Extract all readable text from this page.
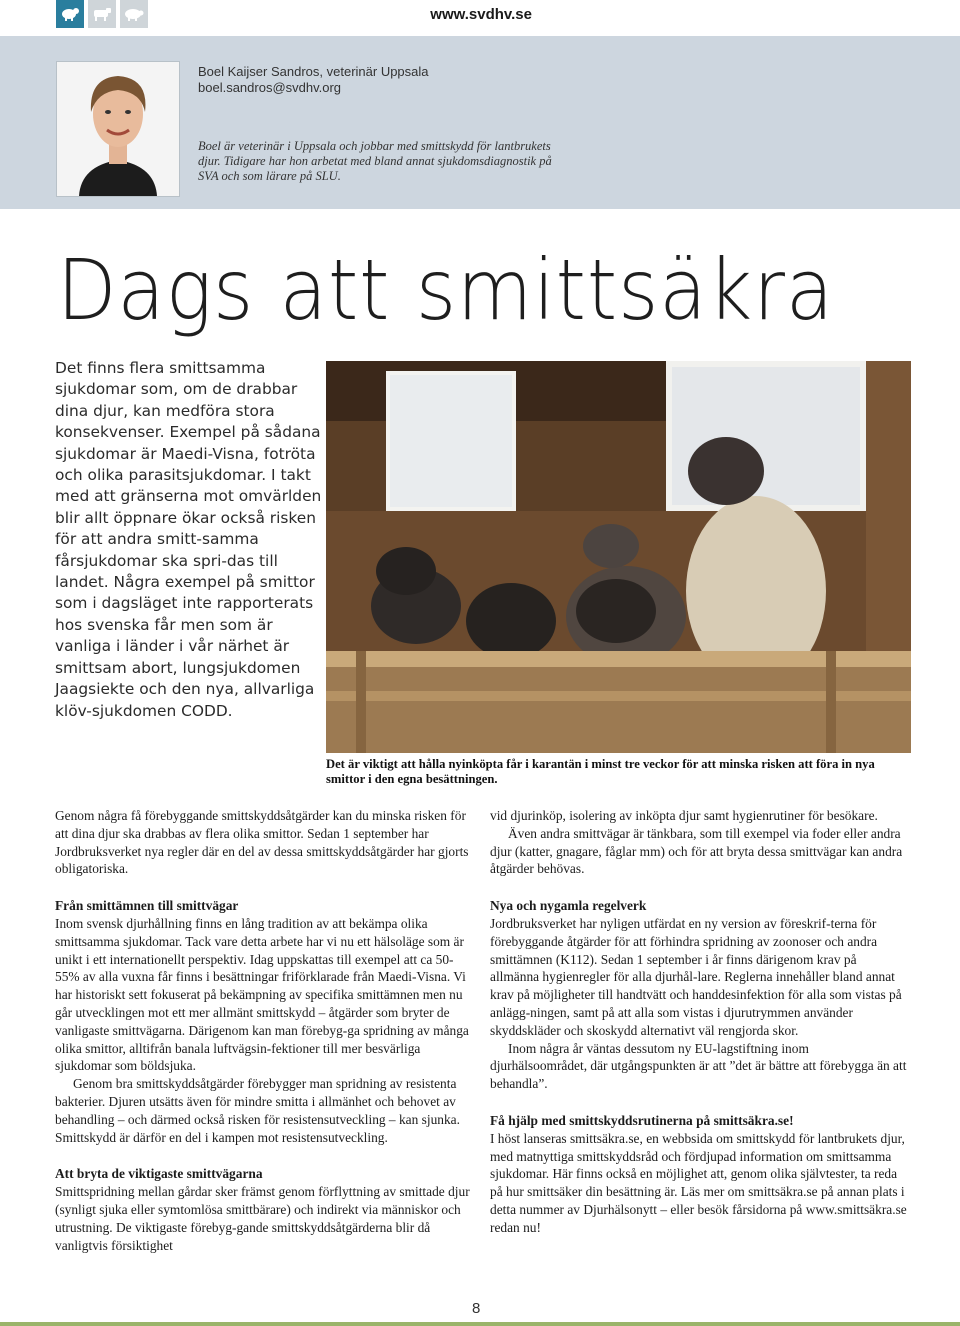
www.svdhv.se
Boel Kaijser Sandros, veterinär Uppsala
boel.sandros@svdhv.org
Boel är veterinär i Uppsala och jobbar med smittskydd för lantbrukets djur. Tidigare har hon arbetat med bland annat sjukdomsdiagnostik på SVA och som lärare på SLU.
Dags att smittsäkra
Det finns flera smittsamma sjukdomar som, om de drabbar dina djur, kan medföra stora konsekvenser. Exempel på sådana sjukdomar är Maedi-Visna, fotröta och olika parasitsjukdomar. I takt med att gränserna mot omvärlden blir allt öppnare ökar också risken för att andra smitt-samma fårsjukdomar ska spri-das till landet. Några exempel på smittor som i dagsläget inte rapporterats hos svenska får men som är vanliga i länder i vår närhet är smittsam abort, lungsjukdomen Jaagsiekte och den nya, allvarliga klöv-sjukdomen CODD.
Det är viktigt att hålla nyinköpta får i karantän i minst tre veckor för att minska risken att föra in nya smittor i den egna besättningen.

Genom några få förebyggande smittskyddsåtgärder kan du minska risken för att dina djur ska drabbas av flera olika smittor. Sedan 1 september har Jordbruksverket nya regler där en del av dessa smittskyddsåtgärder har gjorts obligatoriska.

Från smittämnen till smittvägar

Inom svensk djurhållning finns en lång tradition av att bekämpa olika smittsamma sjukdomar. Tack vare detta arbete har vi nu ett hälsoläge som är unikt i ett internationellt perspektiv. Idag uppskattas till exempel att ca 50-55% av alla vuxna får finns i besättningar friförklarade från Maedi-Visna. Vi har historiskt sett fokuserat på bekämpning av specifika smittämnen men nu går utvecklingen mot ett mer allmänt smittskydd – åtgärder som bryter de vanligaste smittvägarna. Därigenom kan man förebyg-ga spridning av många olika smittor, alltifrån banala luftvägsin-fektioner till mer besvärliga sjukdomar som böldsjuka.

Genom bra smittskyddsåtgärder förebygger man spridning av resistenta bakterier. Djuren utsätts även för mindre smitta i allmänhet och behovet av behandling – och därmed också risken för resistensutveckling – kan sjunka. Smittskydd är därför en del i kampen mot resistensutveckling.

Att bryta de viktigaste smittvägarna

Smittspridning mellan gårdar sker främst genom förflyttning av smittade djur (synligt sjuka eller symtomlösa smittbärare) och indirekt via människor och utrustning. De viktigaste förebyg-gande smittskyddsåtgärderna blir då vanligtvis försiktighet

vid djurinköp, isolering av inköpta djur samt hygienrutiner för besökare.

Även andra smittvägar är tänkbara, som till exempel via foder eller andra djur (katter, gnagare, fåglar mm) och för att bryta dessa smittvägar kan andra åtgärder behövas.

Nya och nygamla regelverk

Jordbruksverket har nyligen utfärdat en ny version av föreskrif-terna för förebyggande åtgärder för att förhindra spridning av zoonoser och andra smittämnen (K112). Sedan 1 september i år finns därigenom krav på allmänna hygienregler för alla djurhål-lare. Reglerna innehåller bland annat krav på möjligheter till handtvätt och handdesinfektion för alla som vistas på anlägg-ningen, samt på att alla som vistas i djurutrymmen använder skyddskläder och skoskydd alternativt väl rengjorda skor.

Inom några år väntas dessutom ny EU-lagstiftning inom djurhälsoområdet, där utgångspunkten är att ”det är bättre att förebygga än att behandla”.

Få hjälp med smittskyddsrutinerna på smittsäkra.se!

I höst lanseras smittsäkra.se, en webbsida om smittskydd för lantbrukets djur, med matnyttiga smittskyddsråd och fördjupad information om smittsamma sjukdomar. Här finns också en möjlighet att, genom olika självtester, ta reda på hur smittsäker din besättning är. Läs mer om smittsäkra.se på annan plats i detta nummer av Djurhälsonytt – eller besök fårsidorna på www.smittsäkra.se redan nu!

8
